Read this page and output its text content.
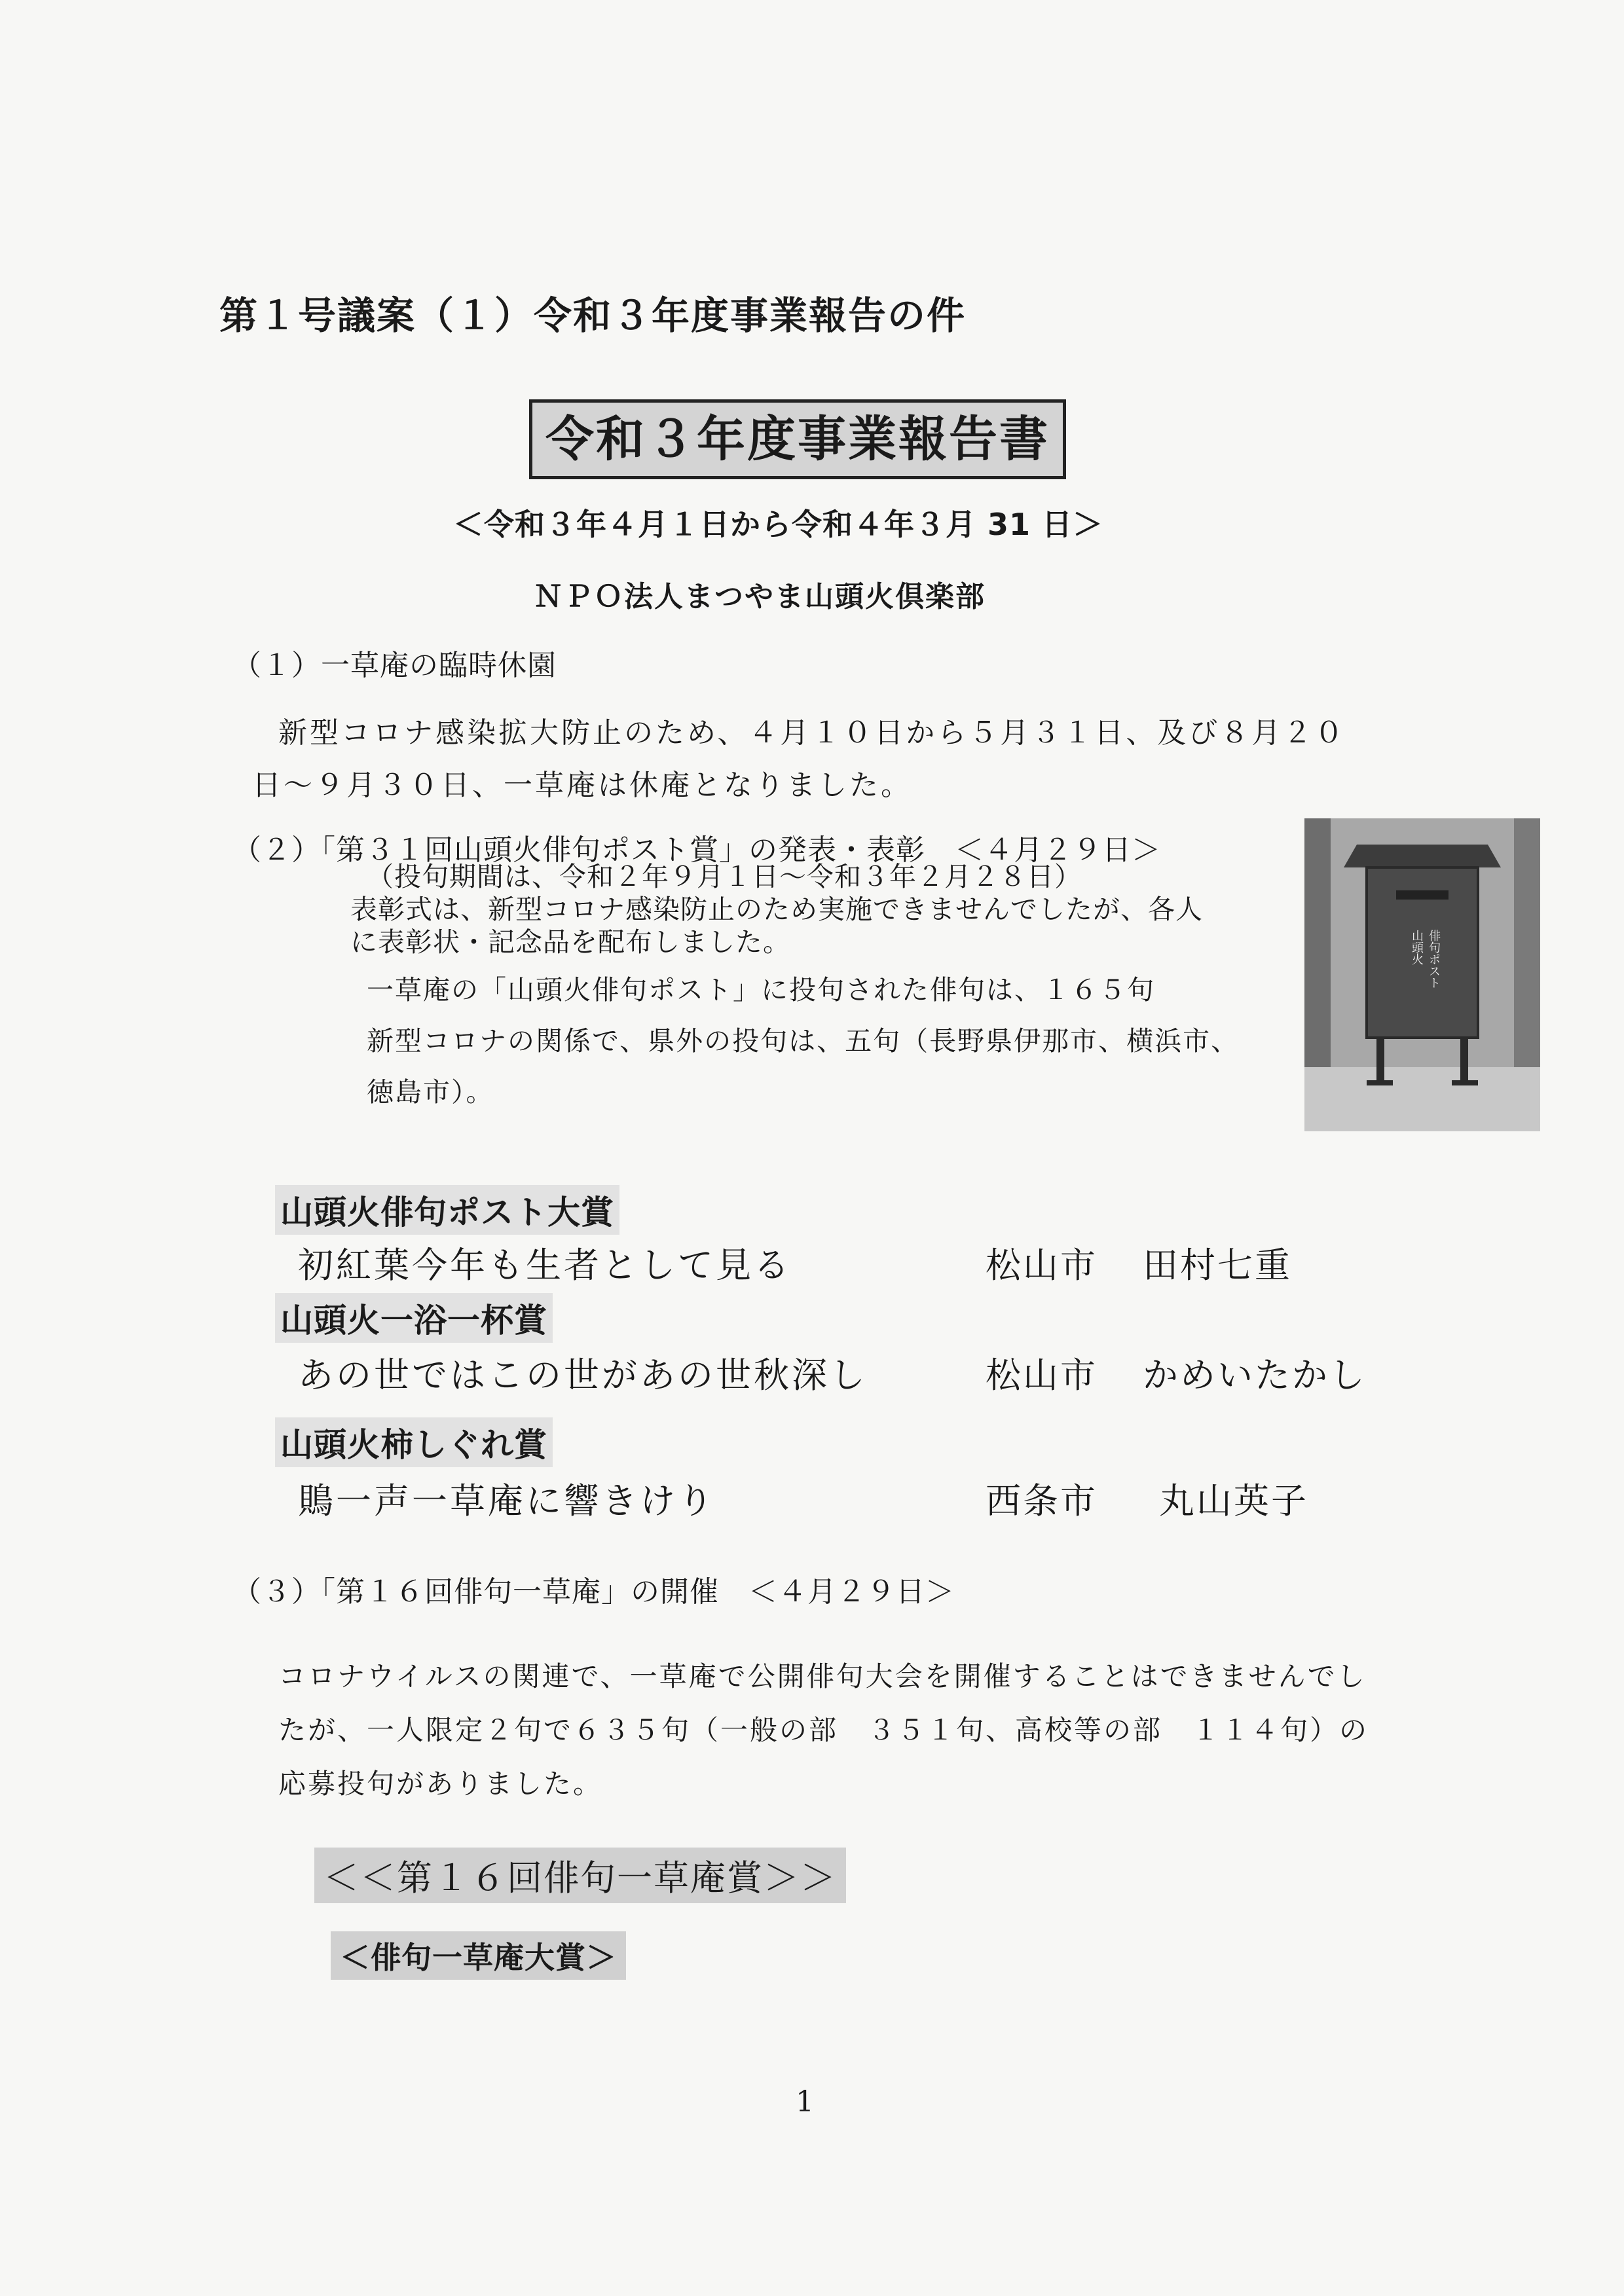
第１号議案（１）令和３年度事業報告の件
令和３年度事業報告書
＜令和３年４月１日から令和４年３月 31 日＞
ＮＰＯ法人まつやま山頭火倶楽部
（１）一草庵の臨時休園
新型コロナ感染拡大防止のため、４月１０日から５月３１日、及び８月２０
日～９月３０日、一草庵は休庵となりました。
（２）「第３１回山頭火俳句ポスト賞」の発表・表彰　＜４月２９日＞
（投句期間は、令和２年９月１日～令和３年２月２８日）
表彰式は、新型コロナ感染防止のため実施できませんでしたが、各人
に表彰状・記念品を配布しました。
一草庵の「山頭火俳句ポスト」に投句された俳句は、１６５句
新型コロナの関係で、県外の投句は、五句（長野県伊那市、横浜市、
徳島市）。
山頭火 俳句ポスト
山頭火俳句ポスト大賞
初紅葉今年も生者として見る	松山市 田村七重
山頭火一浴一杯賞
あの世ではこの世があの世秋深し	松山市 かめいたかし
山頭火柿しぐれ賞
鵙一声一草庵に響きけり	西条市 丸山英子
（３）「第１６回俳句一草庵」の開催　＜４月２９日＞
コロナウイルスの関連で、一草庵で公開俳句大会を開催することはできませんでし
たが、一人限定２句で６３５句（一般の部　３５１句、高校等の部　１１４句）の
応募投句がありました。
＜＜第１６回俳句一草庵賞＞＞
＜俳句一草庵大賞＞
1
